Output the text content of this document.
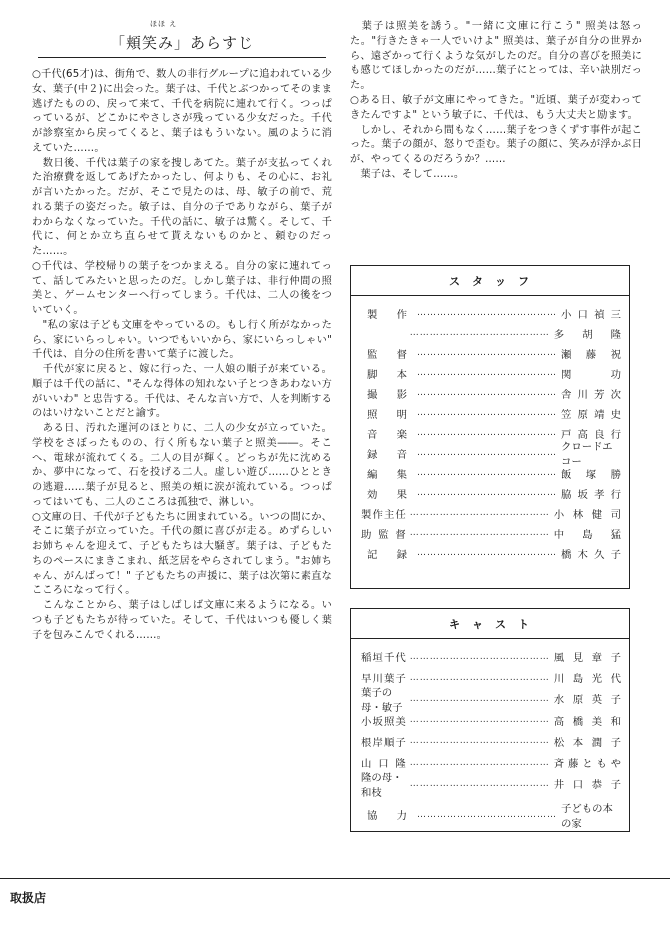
ほほ え
「頬笑み」あらすじ

○千代(65才)は、街角で、数人の非行グループに追われている少女、葉子(中２)に出会った。葉子は、千代とぶつかってそのまま逃げたものの、戻って来て、千代を病院に連れて行く。つっぱっているが、どこかにやさしさが残っている少女だった。千代が診察室から戻ってくると、葉子はもういない。風のように消えていた……。

　数日後、千代は葉子の家を捜しあてた。葉子が支払ってくれた治療費を返してあげたかったし、何よりも、その心に、お礼が言いたかった。だが、そこで見たのは、母、敏子の前で、荒れる葉子の姿だった。敏子は、自分の子でありながら、葉子がわからなくなっていた。千代の話に、敏子は驚く。そして、千代に、何とか立ち直らせて貰えないものかと、頼むのだった……。

○千代は、学校帰りの葉子をつかまえる。自分の家に連れてって、話してみたいと思ったのだ。しかし葉子は、非行仲間の照美と、ゲームセンターへ行ってしまう。千代は、二人の後をついていく。

　"私の家は子ども文庫をやっているの。もし行く所がなかったら、家にいらっしゃい。いつでもいいから、家にいらっしゃい" 千代は、自分の住所を書いて葉子に渡した。

　千代が家に戻ると、嫁に行った、一人娘の順子が来ている。順子は千代の話に、"そんな得体の知れない子とつきあわない方がいいわ" と忠告する。千代は、そんな言い方で、人を判断するのはいけないことだと諭す。

　ある日、汚れた運河のほとりに、二人の少女が立っていた。学校をさぼったものの、行く所もない葉子と照美――。そこへ、電球が流れてくる。二人の目が輝く。どっちが先に沈めるか、夢中になって、石を投げる二人。虚しい遊び……ひとときの逃避……葉子が見ると、照美の頬に涙が流れている。つっぱってはいても、二人のこころは孤独で、淋しい。

○文庫の日、千代が子どもたちに囲まれている。いつの間にか、そこに葉子が立っていた。千代の顔に喜びが走る。めずらしいお姉ちゃんを迎えて、子どもたちは大騒ぎ。葉子は、子どもたちのペースにまきこまれ、紙芝居をやらされてしまう。"お姉ちゃん、がんばって！" 子どもたちの声援に、葉子は次第に素直なこころになって行く。

　こんなことから、葉子はしばしば文庫に来るようになる。いつも子どもたちが待っていた。そして、千代はいつも優しく葉子を包みこんでくれる……。

　葉子は照美を誘う。"一緒に文庫に行こう" 照美は怒った。"行きたきゃ一人でいけよ" 照美は、葉子が自分の世界から、遠ざかって行くような気がしたのだ。自分の喜びを照美にも感じてほしかったのだが……葉子にとっては、辛い訣別だった。

○ある日、敏子が文庫にやってきた。"近頃、葉子が変わってきたんですよ" という敏子に、千代は、もう大丈夫と励ます。

　しかし、それから間もなく……葉子をつきくずす事件が起こった。葉子の顔が、怒りで歪む。葉子の顔に、笑みが浮かぶ日が、やってくるのだろうか？……

　葉子は、そして……。

スタッフ
製 作 …………………………………… 小 口 禎 三
…………………………………… 多 胡 隆
監 督 …………………………………… 瀬 藤 祝
脚 本 …………………………………… 関	功
撮 影 …………………………………… 舎 川 芳 次
照 明 …………………………………… 笠 原 靖 史
音 楽 …………………………………… 戸 高 良 行
録 音 …………………………………… クロードエコー
編 集 …………………………………… 飯 塚 勝
効 果 …………………………………… 脇 坂 孝 行
製 作 主 任 …………………………………… 小 林 健 司
助 監 督 …………………………………… 中 島 猛
記 録 …………………………………… 橋 木 久 子
キャスト
稲 垣 千 代 …………………………………… 風 見 章 子
早 川 葉 子 …………………………………… 川 島 光 代
葉子の母・敏子
…………………………………… 水 原 英 子
小 坂 照 美 …………………………………… 高 橋 美 和
根 岸 順 子 …………………………………… 松 本 潤 子
山 口 隆 …………………………………… 斉 藤 と も や
隆の母・和枝
…………………………………… 井 口 恭 子
協 力 …………………………………… 子どもの本の家
取扱店
